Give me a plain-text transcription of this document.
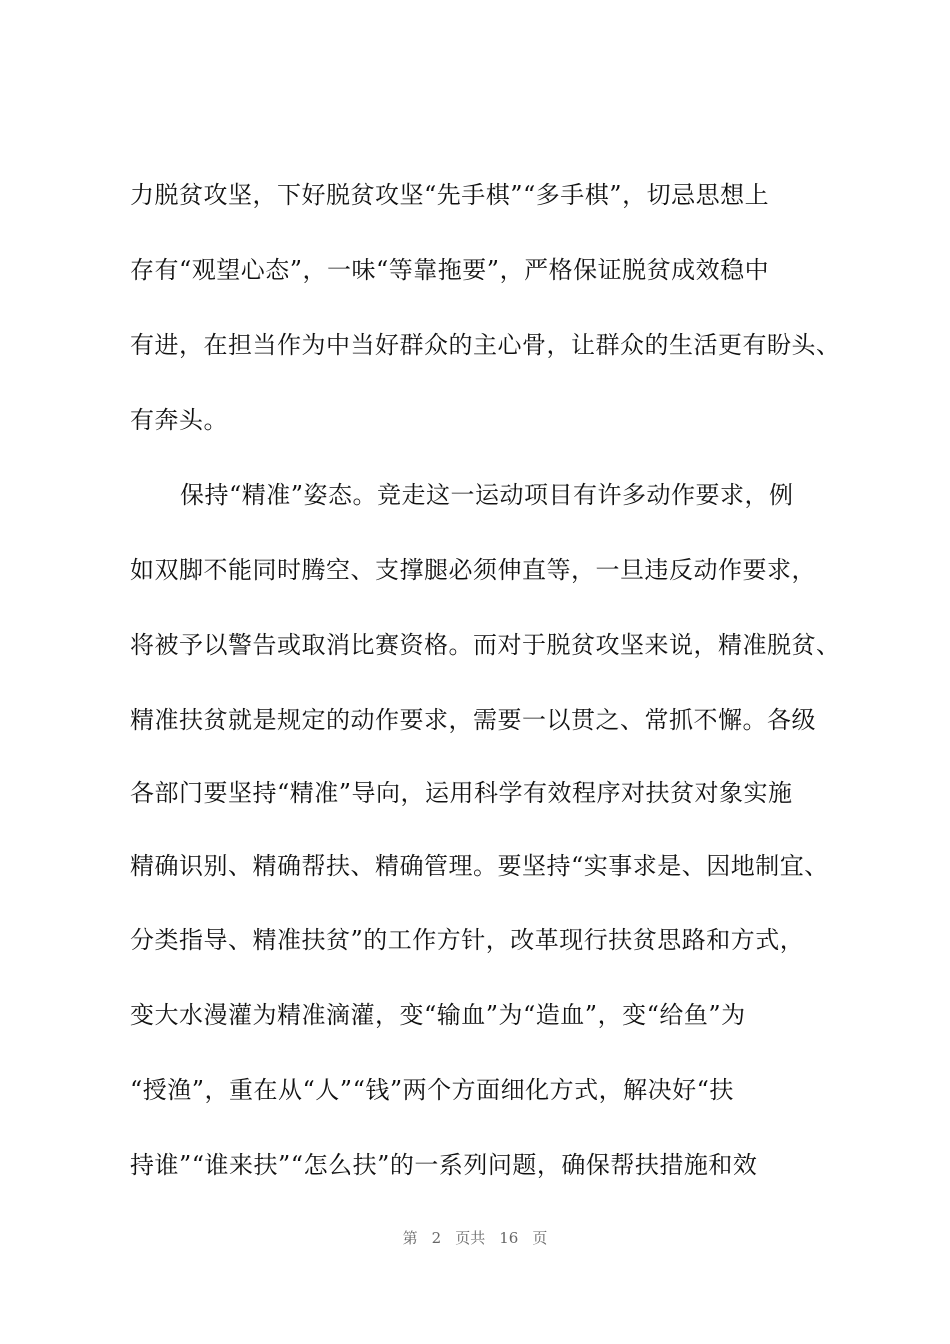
力脱贫攻坚，下好脱贫攻坚“先手棋”“多手棋”，切忌思想上
存有“观望心态”，一味“等靠拖要”，严格保证脱贫成效稳中
有进，在担当作为中当好群众的主心骨，让群众的生活更有盼头、
有奔头。
保持“精准”姿态。竞走这一运动项目有许多动作要求，例
如双脚不能同时腾空、支撑腿必须伸直等，一旦违反动作要求，
将被予以警告或取消比赛资格。而对于脱贫攻坚来说，精准脱贫、
精准扶贫就是规定的动作要求，需要一以贯之、常抓不懈。各级
各部门要坚持“精准”导向，运用科学有效程序对扶贫对象实施
精确识别、精确帮扶、精确管理。要坚持“实事求是、因地制宜、
分类指导、精准扶贫”的工作方针，改革现行扶贫思路和方式，
变大水漫灌为精准滴灌，变“输血”为“造血”，变“给鱼”为
“授渔”，重在从“人”“钱”两个方面细化方式，解决好“扶
持谁”“谁来扶”“怎么扶”的一系列问题，确保帮扶措施和效
第 2 页共 16 页
